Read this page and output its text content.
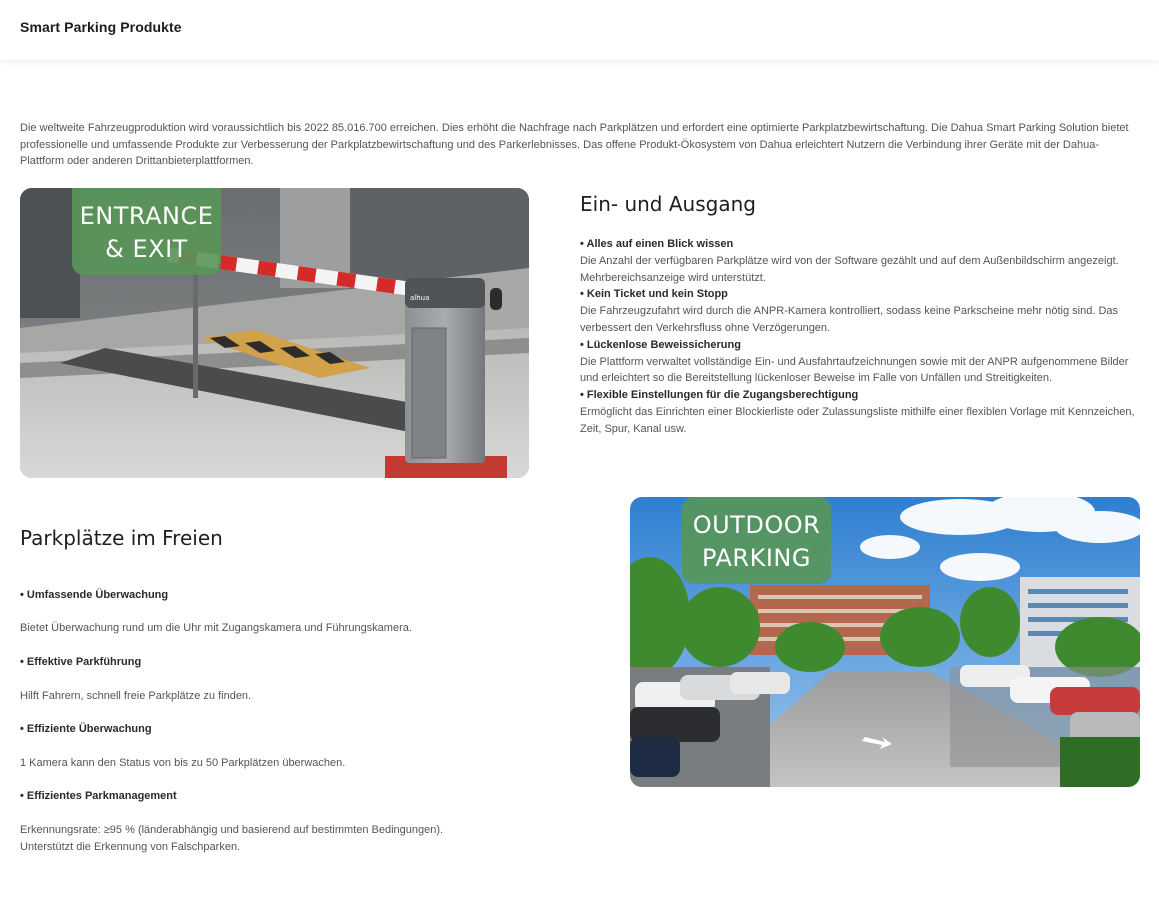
Smart Parking Produkte
Die weltweite Fahrzeugproduktion wird voraussichtlich bis 2022 85.016.700 erreichen. Dies erhöht die Nachfrage nach Parkplätzen und erfordert eine optimierte Parkplatzbewirtschaftung. Die Dahua Smart Parking Solution bietet professionelle und umfassende Produkte zur Verbesserung der Parkplatzbewirtschaftung und des Parkerlebnisses. Das offene Produkt-Ökosystem von Dahua erleichtert Nutzern die Verbindung ihrer Geräte mit der Dahua-Plattform oder anderen Drittanbieterplattformen.
alhua
ENTRANCE
& EXIT
Ein- und Ausgang
• Alles auf einen Blick wissen
Die Anzahl der verfügbaren Parkplätze wird von der Software gezählt und auf dem Außenbildschirm angezeigt. Mehrbereichsanzeige wird unterstützt.
• Kein Ticket und kein Stopp
Die Fahrzeugzufahrt wird durch die ANPR-Kamera kontrolliert, sodass keine Parkscheine mehr nötig sind. Das verbessert den Verkehrsfluss ohne Verzögerungen.
• Lückenlose Beweissicherung
Die Plattform verwaltet vollständige Ein- und Ausfahrtaufzeichnungen sowie mit der ANPR aufgenommene Bilder und erleichtert so die Bereitstellung lückenloser Beweise im Falle von Unfällen und Streitigkeiten.
• Flexible Einstellungen für die Zugangsberechtigung
Ermöglicht das Einrichten einer Blockierliste oder Zulassungsliste mithilfe einer flexiblen Vorlage mit Kennzeichen, Zeit, Spur, Kanal usw.
Parkplätze im Freien

• Umfassende Überwachung

Bietet Überwachung rund um die Uhr mit Zugangskamera und Führungskamera.

• Effektive Parkführung

Hilft Fahrern, schnell freie Parkplätze zu finden.

• Effiziente Überwachung

1 Kamera kann den Status von bis zu 50 Parkplätzen überwachen.

• Effizientes Parkmanagement

Erkennungsrate: ≥95 % (länderabhängig und basierend auf bestimmten Bedingungen).
Unterstützt die Erkennung von Falschparken.

OUTDOOR
PARKING
